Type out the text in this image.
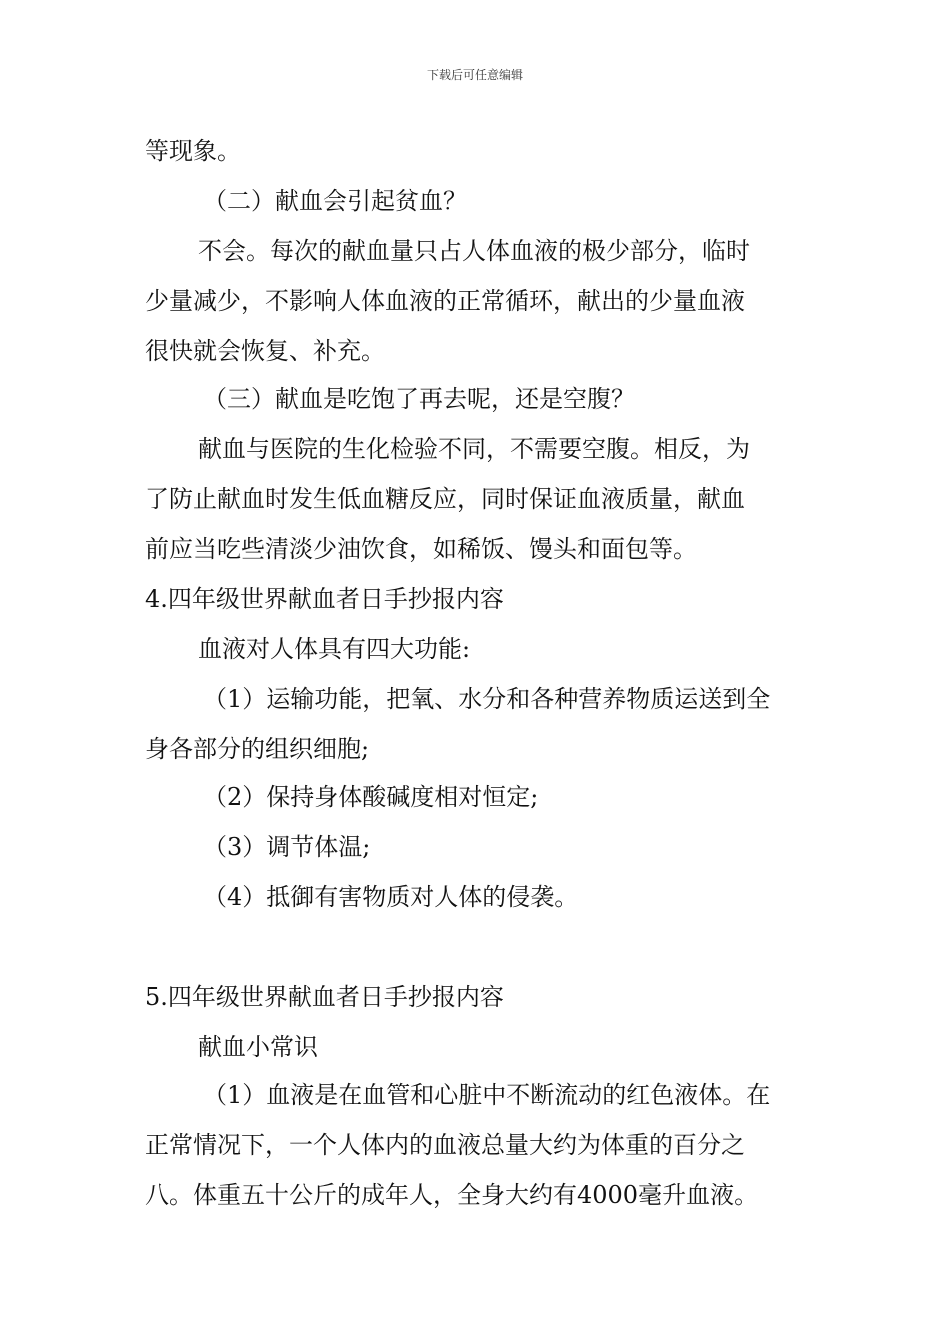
下载后可任意编辑
等现象。
（二）献血会引起贫血？
不会。每次的献血量只占人体血液的极少部分，临时
少量减少，不影响人体血液的正常循环，献出的少量血液
很快就会恢复、补充。
（三）献血是吃饱了再去呢，还是空腹？
献血与医院的生化检验不同，不需要空腹。相反，为
了防止献血时发生低血糖反应，同时保证血液质量，献血
前应当吃些清淡少油饮食，如稀饭、馒头和面包等。
4.四年级世界献血者日手抄报内容
血液对人体具有四大功能:
（1）运输功能，把氧、水分和各种营养物质运送到全
身各部分的组织细胞;
（2）保持身体酸碱度相对恒定;
（3）调节体温;
（4）抵御有害物质对人体的侵袭。
5.四年级世界献血者日手抄报内容
献血小常识
（1）血液是在血管和心脏中不断流动的红色液体。在
正常情况下，一个人体内的血液总量大约为体重的百分之
八。体重五十公斤的成年人，全身大约有4000毫升血液。
